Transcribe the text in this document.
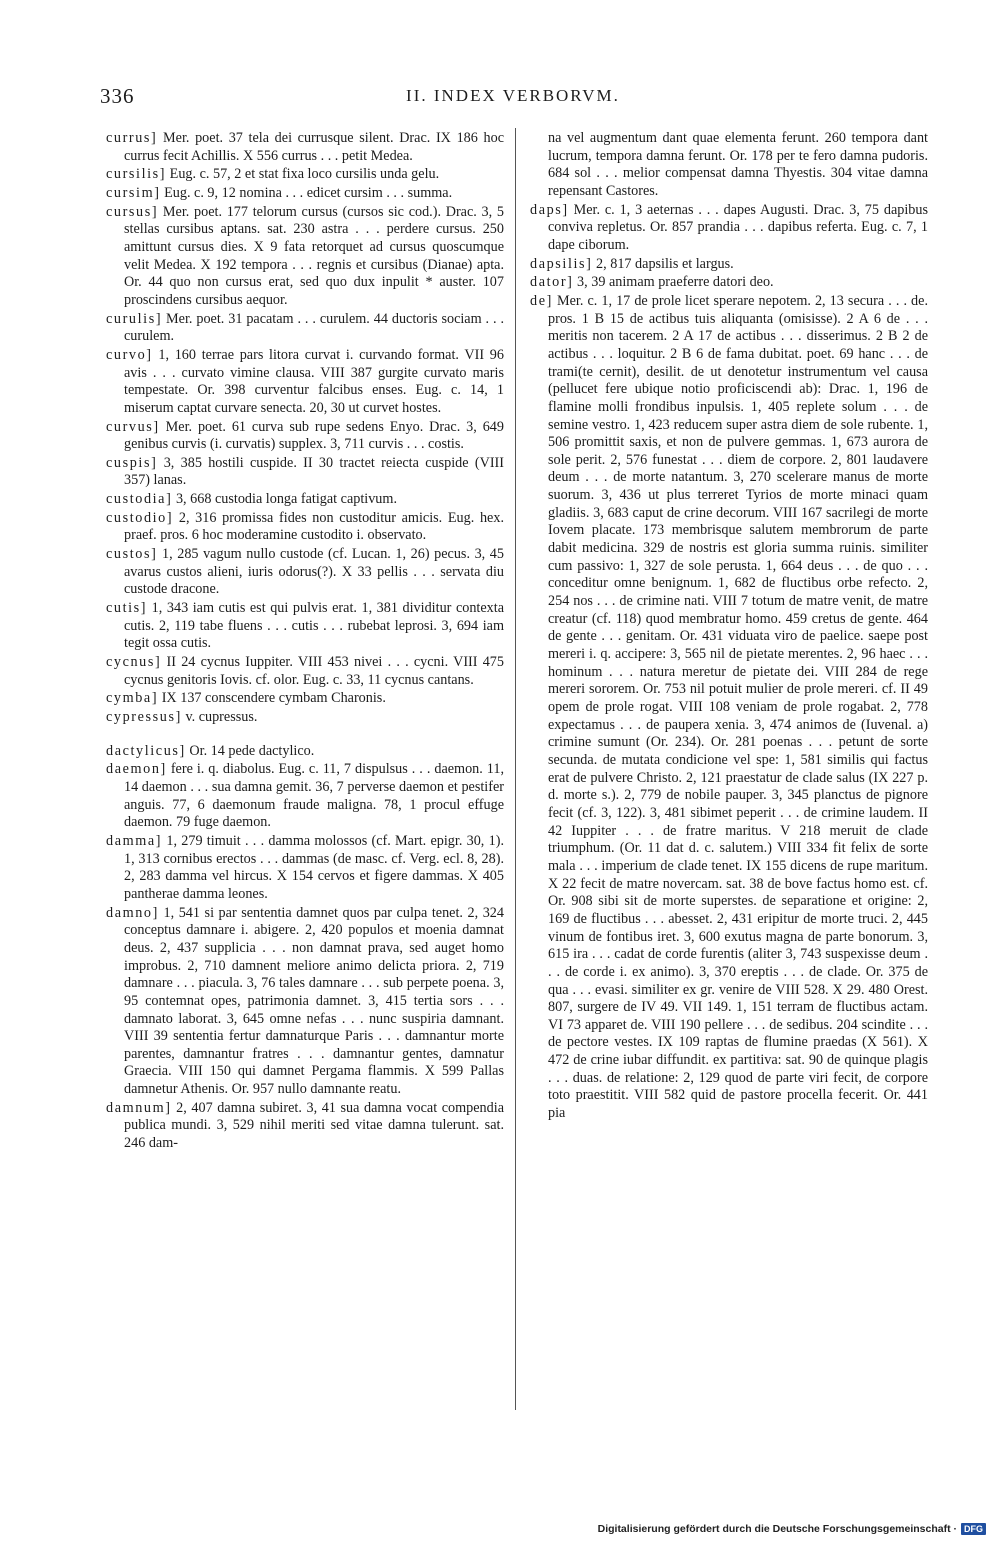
336	II. INDEX VERBORVM.
currus] Mer. poet. 37 tela dei currusque silent. Drac. IX 186 hoc currus fecit Achillis. X 556 currus . . . petit Medea.
cursilis] Eug. c. 57, 2 et stat fixa loco cursilis unda gelu.
cursim] Eug. c. 9, 12 nomina . . . edicet cursim . . . summa.
cursus] Mer. poet. 177 telorum cursus (cursos sic cod.). Drac. 3, 5 stellas cursibus aptans. sat. 230 astra . . . perdere cursus. 250 amittunt cursus dies. X 9 fata retorquet ad cursus quoscumque velit Medea. X 192 tempora . . . regnis et cursibus (Dianae) apta. Or. 44 quo non cursus erat, sed quo dux inpulit * auster. 107 proscindens cursibus aequor.
curulis] Mer. poet. 31 pacatam . . . curulem. 44 ductoris sociam . . . curulem.
curvo] 1, 160 terrae pars litora curvat i. curvando format. VII 96 avis . . . curvato vimine clausa. VIII 387 gurgite curvato maris tempestate. Or. 398 curventur falcibus enses. Eug. c. 14, 1 miserum captat curvare senecta. 20, 30 ut curvet hostes.
curvus] Mer. poet. 61 curva sub rupe sedens Enyo. Drac. 3, 649 genibus curvis (i. curvatis) supplex. 3, 711 curvis . . . costis.
cuspis] 3, 385 hostili cuspide. II 30 tractet reiecta cuspide (VIII 357) lanas.
custodia] 3, 668 custodia longa fatigat captivum.
custodio] 2, 316 promissa fides non custoditur amicis. Eug. hex. praef. pros. 6 hoc moderamine custodito i. observato.
custos] 1, 285 vagum nullo custode (cf. Lucan. 1, 26) pecus. 3, 45 avarus custos alieni, iuris odorus(?). X 33 pellis . . . servata diu custode dracone.
cutis] 1, 343 iam cutis est qui pulvis erat. 1, 381 dividitur contexta cutis. 2, 119 tabe fluens . . . cutis . . . rubebat leprosi. 3, 694 iam tegit ossa cutis.
cycnus] II 24 cycnus Iuppiter. VIII 453 nivei . . . cycni. VIII 475 cycnus genitoris Iovis. cf. olor. Eug. c. 33, 11 cycnus cantans.
cymba] IX 137 conscendere cymbam Charonis.
cypressus] v. cupressus.
dactylicus] Or. 14 pede dactylico.
daemon] fere i. q. diabolus. Eug. c. 11, 7 dispulsus . . . daemon. 11, 14 daemon . . . sua damna gemit. 36, 7 perverse daemon et pestifer anguis. 77, 6 daemonum fraude maligna. 78, 1 procul effuge daemon. 79 fuge daemon.
damma] 1, 279 timuit . . . damma molossos (cf. Mart. epigr. 30, 1). 1, 313 cornibus erectos . . . dammas (de masc. cf. Verg. ecl. 8, 28). 2, 283 damma vel hircus. X 154 cervos et figere dammas. X 405 pantherae damma leones.
damno] 1, 541 si par sententia damnet quos par culpa tenet. 2, 324 conceptus damnare i. abigere. 2, 420 populos et moenia damnat deus. 2, 437 supplicia . . . non damnat prava, sed auget homo improbus. 2, 710 damnent meliore animo delicta priora. 2, 719 damnare . . . piacula. 3, 76 tales damnare . . . sub perpete poena. 3, 95 contemnat opes, patrimonia damnet. 3, 415 tertia sors . . . damnato laborat. 3, 645 omne nefas . . . nunc suspiria damnant. VIII 39 sententia fertur damnaturque Paris . . . damnantur morte parentes, damnantur fratres . . . damnantur gentes, damnatur Graecia. VIII 150 qui damnet Pergama flammis. X 599 Pallas damnetur Athenis. Or. 957 nullo damnante reatu.
damnum] 2, 407 damna subiret. 3, 41 sua damna vocat compendia publica mundi. 3, 529 nihil meriti sed vitae damna tulerunt. sat. 246 dam-
na vel augmentum dant quae elementa ferunt. 260 tempora dant lucrum, tempora damna ferunt. Or. 178 per te fero damna pudoris. 684 sol . . . melior compensat damna Thyestis. 304 vitae damna repensant Castores.
daps] Mer. c. 1, 3 aeternas . . . dapes Augusti. Drac. 3, 75 dapibus conviva repletus. Or. 857 prandia . . . dapibus referta. Eug. c. 7, 1 dape ciborum.
dapsilis] 2, 817 dapsilis et largus.
dator] 3, 39 animam praeferre datori deo.
de] Mer. c. 1, 17 de prole licet sperare nepotem. 2, 13 secura . . . de. pros. 1 B 15 de actibus tuis aliquanta (omisisse). 2 A 6 de . . . meritis non tacerem. 2 A 17 de actibus . . . disserimus. 2 B 2 de actibus . . . loquitur. 2 B 6 de fama dubitat. poet. 69 hanc . . . de trami(te cernit), desilit. de ut denotetur instrumentum vel causa (pellucet fere ubique notio proficiscendi ab): Drac. 1, 196 de flamine molli frondibus inpulsis. 1, 405 replete solum . . . de semine vestro. 1, 423 reducem super astra diem de sole rubente. 1, 506 promittit saxis, et non de pulvere gemmas. 1, 673 aurora de sole perit. 2, 576 funestat . . . diem de corpore. 2, 801 laudavere deum . . . de morte natantum. 3, 270 scelerare manus de morte suorum. 3, 436 ut plus terreret Tyrios de morte minaci quam gladiis. 3, 683 caput de crine decorum. VIII 167 sacrilegi de morte Iovem placate. 173 membrisque salutem membrorum de parte dabit medicina. 329 de nostris est gloria summa ruinis. similiter cum passivo: 1, 327 de sole perusta. 1, 664 deus . . . de quo . . . conceditur omne benignum. 1, 682 de fluctibus orbe refecto. 2, 254 nos . . . de crimine nati. VIII 7 totum de matre venit, de matre creatur (cf. 118) quod membratur homo. 459 cretus de gente. 464 de gente . . . genitam. Or. 431 viduata viro de paelice. saepe post mereri i. q. accipere: 3, 565 nil de pietate merentes. 2, 96 haec . . . hominum . . . natura meretur de pietate dei. VIII 284 de rege mereri sororem. Or. 753 nil potuit mulier de prole mereri. cf. II 49 opem de prole rogat. VIII 108 veniam de prole rogabat. 2, 778 expectamus . . . de paupera xenia. 3, 474 animos de (Iuvenal. a) crimine sumunt (Or. 234). Or. 281 poenas . . . petunt de sorte secunda. de mutata condicione vel spe: 1, 581 similis qui factus erat de pulvere Christo. 2, 121 praestatur de clade salus (IX 227 p. d. morte s.). 2, 779 de nobile pauper. 3, 345 planctus de pignore fecit (cf. 3, 122). 3, 481 sibimet peperit . . . de crimine laudem. II 42 Iuppiter . . . de fratre maritus. V 218 meruit de clade triumphum. (Or. 11 dat d. c. salutem.) VIII 334 fit felix de sorte mala . . . imperium de clade tenet. IX 155 dicens de rupe maritum. X 22 fecit de matre novercam. sat. 38 de bove factus homo est. cf. Or. 908 sibi sit de morte superstes. de separatione et origine: 2, 169 de fluctibus . . . abesset. 2, 431 eripitur de morte truci. 2, 445 vinum de fontibus iret. 3, 600 exutus magna de parte bonorum. 3, 615 ira . . . cadat de corde furentis (aliter 3, 743 suspexisse deum . . . de corde i. ex animo). 3, 370 ereptis . . . de clade. Or. 375 de qua . . . evasi. similiter ex gr. venire de VIII 528. X 29. 480 Orest. 807, surgere de IV 49. VII 149. 1, 151 terram de fluctibus actam. VI 73 apparet de. VIII 190 pellere . . . de sedibus. 204 scindite . . . de pectore vestes. IX 109 raptas de flumine praedas (X 561). X 472 de crine iubar diffundit. ex partitiva: sat. 90 de quinque plagis . . . duas. de relatione: 2, 129 quod de parte viri fecit, de corpore toto praestitit. VIII 582 quid de pastore procella fecerit. Or. 441 pia
Digitalisierung gefördert durch die Deutsche Forschungsgemeinschaft · DFG
